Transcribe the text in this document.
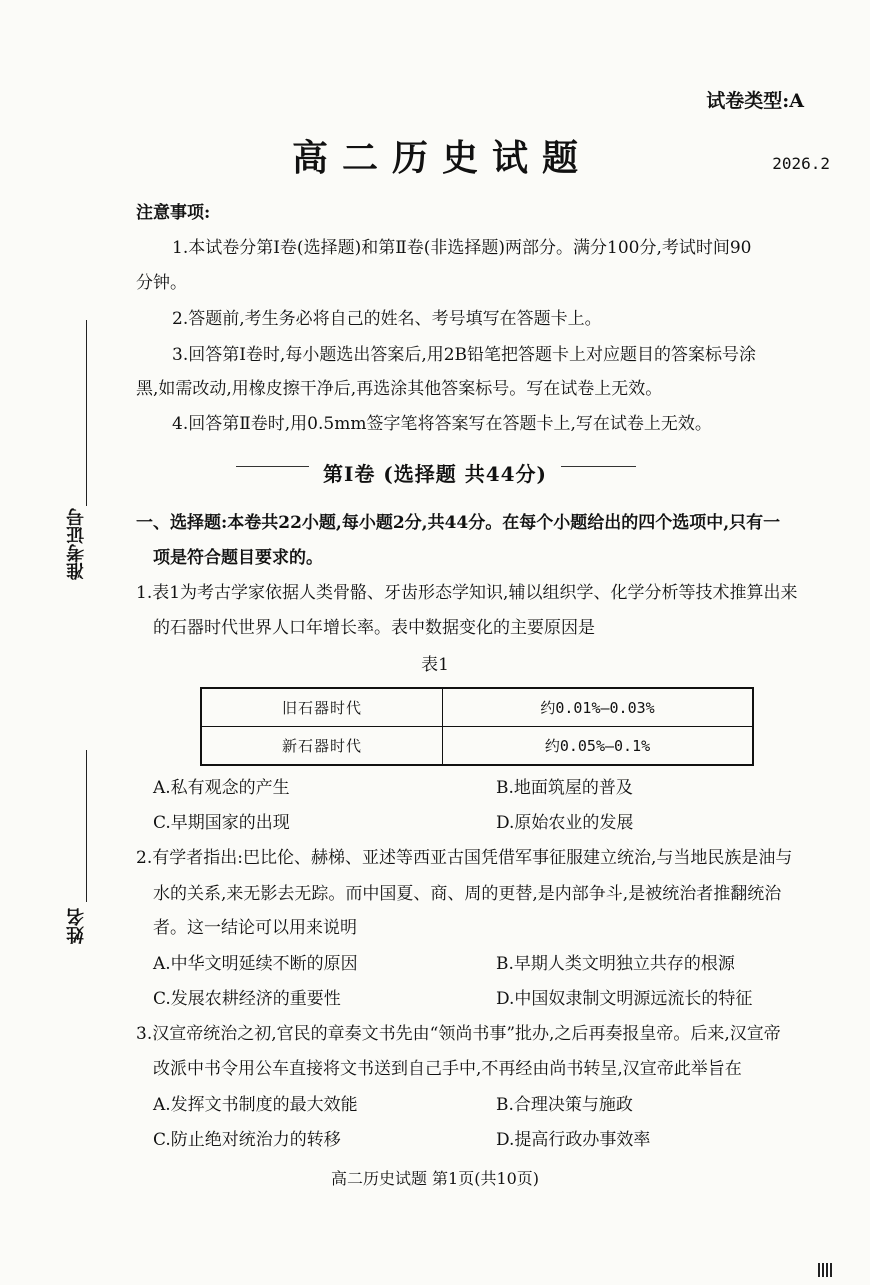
试卷类型:A
高二历史试题	2026.2
注意事项:
1.本试卷分第Ⅰ卷(选择题)和第Ⅱ卷(非选择题)两部分。满分100分,考试时间90
分钟。
2.答题前,考生务必将自己的姓名、考号填写在答题卡上。
3.回答第Ⅰ卷时,每小题选出答案后,用2B铅笔把答题卡上对应题目的答案标号涂
黑,如需改动,用橡皮擦干净后,再选涂其他答案标号。写在试卷上无效。
4.回答第Ⅱ卷时,用0.5mm签字笔将答案写在答题卡上,写在试卷上无效。
第Ⅰ卷 (选择题 共44分)
一、选择题:本卷共22小题,每小题2分,共44分。在每个小题给出的四个选项中,只有一
项是符合题目要求的。
1.表1为考古学家依据人类骨骼、牙齿形态学知识,辅以组织学、化学分析等技术推算出来
的石器时代世界人口年增长率。表中数据变化的主要原因是
表1
旧石器时代	约0.01%—0.03%
新石器时代	约0.05%—0.1%
A.私有观念的产生	B.地面筑屋的普及
C.早期国家的出现	D.原始农业的发展
2.有学者指出:巴比伦、赫梯、亚述等西亚古国凭借军事征服建立统治,与当地民族是油与
水的关系,来无影去无踪。而中国夏、商、周的更替,是内部争斗,是被统治者推翻统治
者。这一结论可以用来说明
A.中华文明延续不断的原因	B.早期人类文明独立共存的根源
C.发展农耕经济的重要性	D.中国奴隶制文明源远流长的特征
3.汉宣帝统治之初,官民的章奏文书先由“领尚书事”批办,之后再奏报皇帝。后来,汉宣帝
改派中书令用公车直接将文书送到自己手中,不再经由尚书转呈,汉宣帝此举旨在
A.发挥文书制度的最大效能	B.合理决策与施政
C.防止绝对统治力的转移	D.提高行政办事效率
准考证号
姓名
高二历史试题 第1页(共10页)
